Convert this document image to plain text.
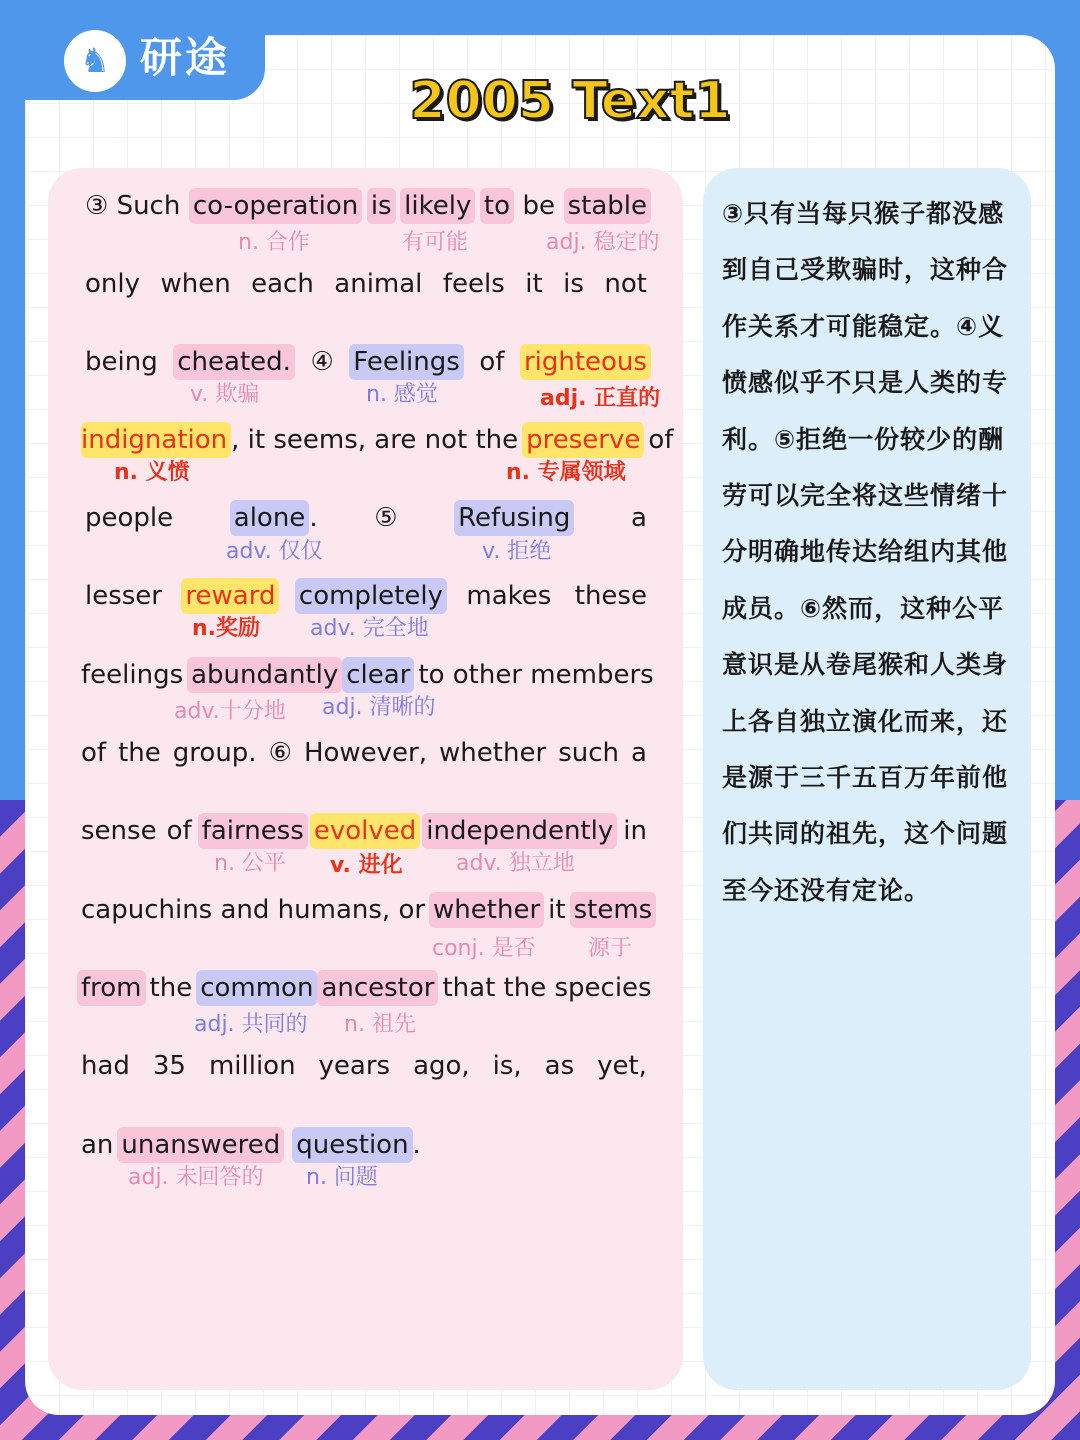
♞ 研途
2005 Text1
③ Such co-operation is likely to be stable
n. 合作	有可能	adj. 稳定的
only when each animal feels it is not
being cheated. ④ Feelings of righteous
v. 欺骗	n. 感觉	adj. 正直的
indignation , it seems, are not the preserve of
n. 义愤	n. 专属领域
people alone . ⑤ Refusing a
adv. 仅仅	v. 拒绝
lesser reward completely makes these
n.奖励 adv. 完全地
feelings abundantly clear to other members
adv.十分地 adj. 清晰的
of the group. ⑥ However, whether such a
sense of fairness evolved independently in
n. 公平 v. 进化 adv. 独立地
capuchins and humans, or whether it stems
conj. 是否 源于
from the common ancestor that the species
adj. 共同的 n. 祖先
had 35 million years ago, is, as yet,
an unanswered question .
adj. 未回答的 n. 问题
③只有当每只猴子都没感
到自己受欺骗时，这种合
作关系才可能稳定。④义
愤感似乎不只是人类的专
利。⑤拒绝一份较少的酬
劳可以完全将这些情绪十
分明确地传达给组内其他
成员。⑥然而，这种公平
意识是从卷尾猴和人类身
上各自独立演化而来，还
是源于三千五百万年前他
们共同的祖先，这个问题
至今还没有定论。
